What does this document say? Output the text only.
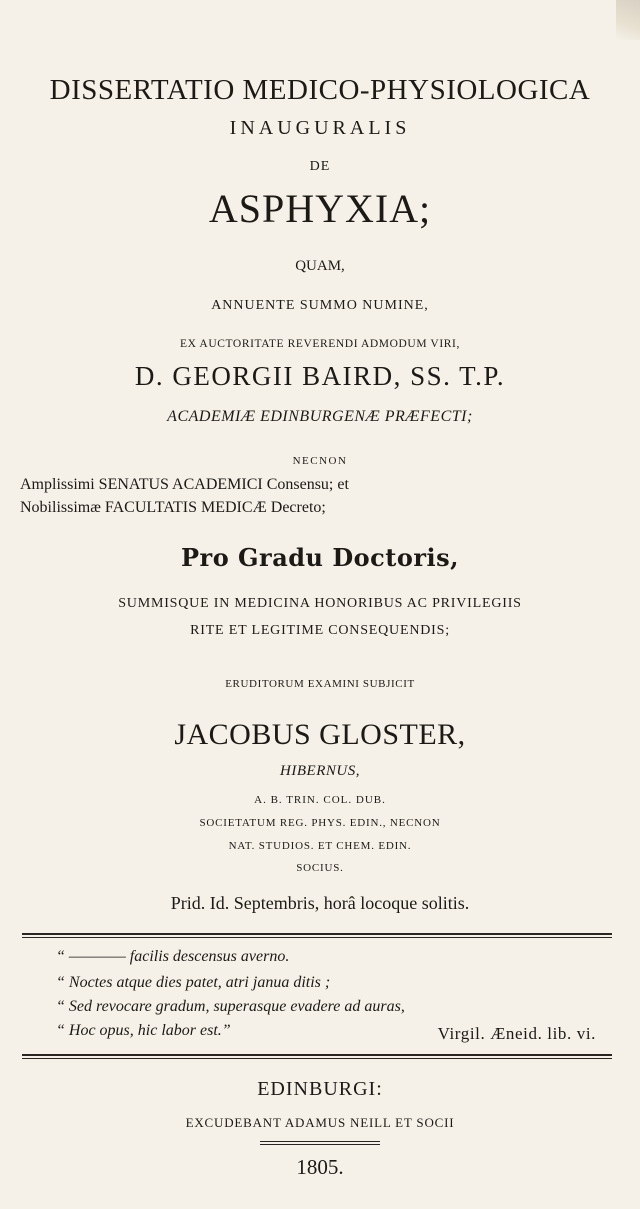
DISSERTATIO MEDICO-PHYSIOLOGICA
INAUGURALIS
DE
ASPHYXIA;
QUAM,
ANNUENTE SUMMO NUMINE,
EX AUCTORITATE REVERENDI ADMODUM VIRI,
D. GEORGII BAIRD, SS. T.P.
ACADEMIÆ EDINBURGENÆ PRÆFECTI;
NECNON
Amplissimi SENATUS ACADEMICI Consensu; et
Nobilissimæ FACULTATIS MEDICÆ Decreto;
Pro Gradu Doctoris,
SUMMISQUE IN MEDICINA HONORIBUS AC PRIVILEGIIS
RITE ET LEGITIME CONSEQUENDIS;
ERUDITORUM EXAMINI SUBJICIT
JACOBUS GLOSTER,
HIBERNUS,
A. B. TRIN. COL. DUB.
SOCIETATUM REG. PHYS. EDIN., NECNON
NAT. STUDIOS. ET CHEM. EDIN.
SOCIUS.
Prid. Id. Septembris, horâ locoque solitis.
“ ———— facilis descensus averno.
“ Noctes atque dies patet, atri janua ditis ;
“ Sed revocare gradum, superasque evadere ad auras,
“ Hoc opus, hic labor est.”	Virgil. Æneid. lib. vi.
EDINBURGI:
EXCUDEBANT ADAMUS NEILL ET SOCII
1805.
